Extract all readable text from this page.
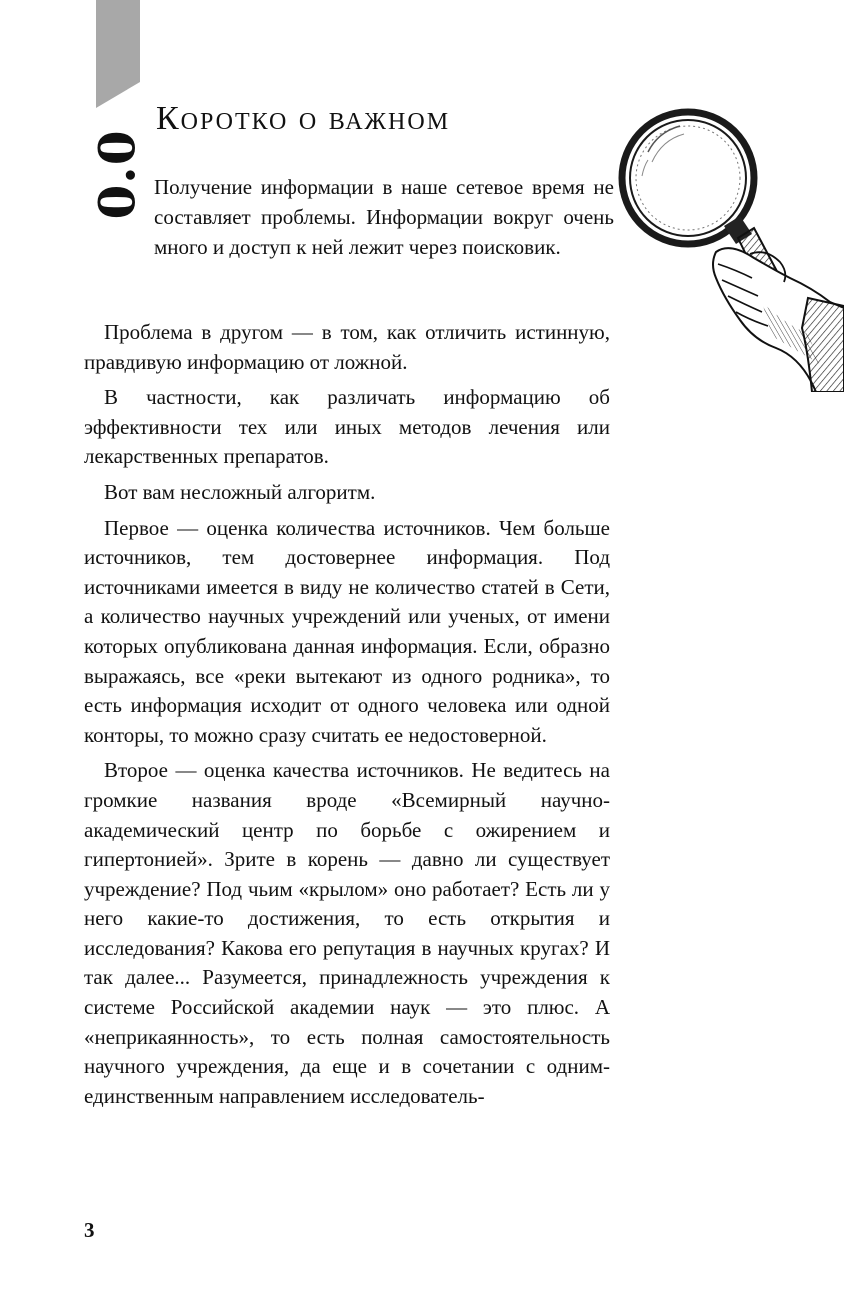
0.0
Коротко о важном

Получение информации в наше сетевое время не составляет проблемы. Информации вокруг очень много и доступ к ней лежит через поисковик.

Проблема в другом — в том, как отличить истинную, правдивую информацию от ложной.

В частности, как различать информацию об эффективности тех или иных методов лечения или лекарственных препаратов.

Вот вам несложный алгоритм.

Первое — оценка количества источников. Чем больше источников, тем достовернее информация. Под источниками имеется в виду не количество статей в Сети, а количество научных учреждений или ученых, от имени которых опубликована данная информация. Если, образно выражаясь, все «реки вытекают из одного родника», то есть информация исходит от одного человека или одной конторы, то можно сразу считать ее недостоверной.

Второе — оценка качества источников. Не ведитесь на громкие названия вроде «Всемирный научно-академический центр по борьбе с ожирением и гипертонией». Зрите в корень — давно ли существует учреждение? Под чьим «крылом» оно работает? Есть ли у него какие-то достижения, то есть открытия и исследования? Какова его репутация в научных кругах? И так далее... Разумеется, принадлежность учреждения к системе Российской академии наук — это плюс. А «неприкаянность», то есть полная самостоятельность научного учреждения, да еще и в сочетании с одним-единственным направлением исследователь-

3
